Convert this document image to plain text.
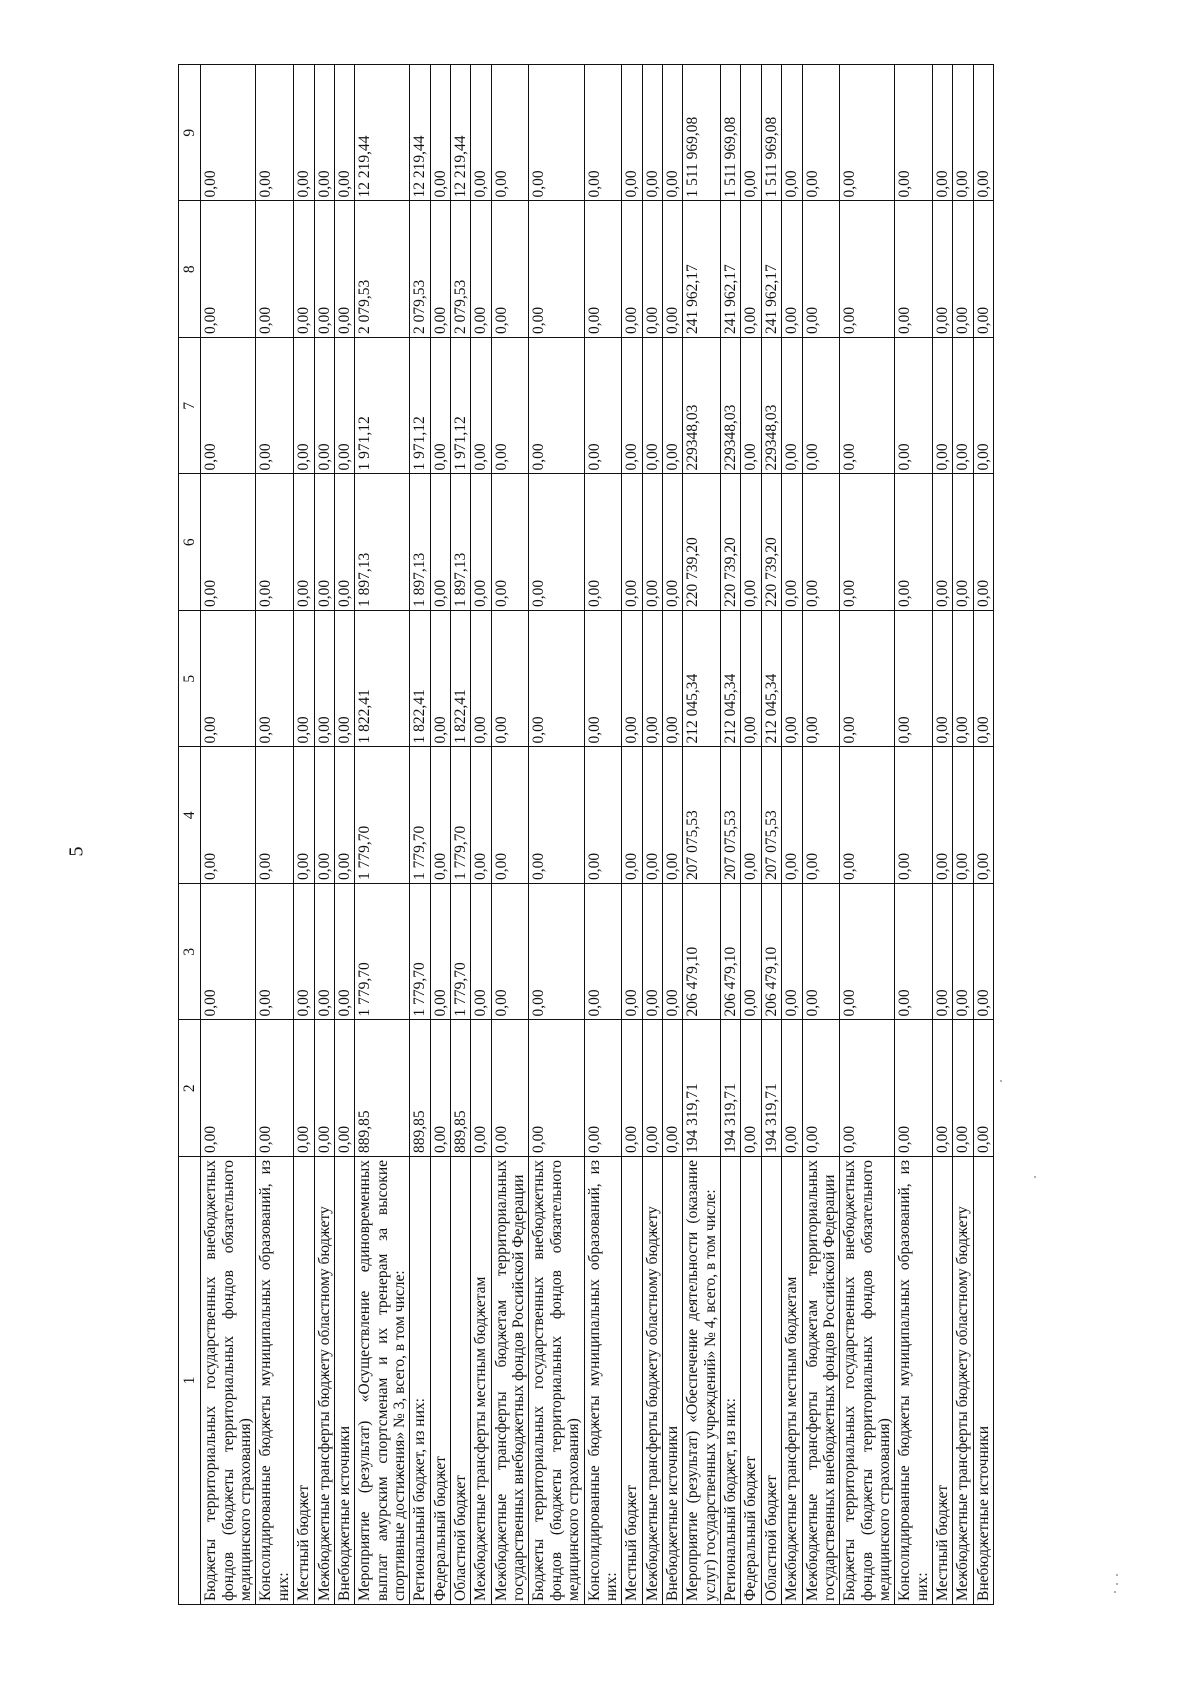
5
1	2	3	4	5	6	7	8	9
Бюджеты территориальных государственных внебюджетных фондов (бюджеты территориальных фондов обязательного медицинского страхования)	0,00	0,00	0,00	0,00	0,00	0,00	0,00	0,00
Консолидированные бюджеты муниципальных образований, из них:	0,00	0,00	0,00	0,00	0,00	0,00	0,00	0,00
Местный бюджет	0,00	0,00	0,00	0,00	0,00	0,00	0,00	0,00
Межбюджетные трансферты бюджету областному бюджету	0,00	0,00	0,00	0,00	0,00	0,00	0,00	0,00
Внебюджетные источники	0,00	0,00	0,00	0,00	0,00	0,00	0,00	0,00
Мероприятие (результат) «Осуществление единовременных выплат амурским спортсменам и их тренерам за высокие спортивные достижения» № 3, всего, в том числе:	889,85	1 779,70	1 779,70	1 822,41	1 897,13	1 971,12	2 079,53	12 219,44
Региональный бюджет, из них:	889,85	1 779,70	1 779,70	1 822,41	1 897,13	1 971,12	2 079,53	12 219,44
Федеральный бюджет	0,00	0,00	0,00	0,00	0,00	0,00	0,00	0,00
Областной бюджет	889,85	1 779,70	1 779,70	1 822,41	1 897,13	1 971,12	2 079,53	12 219,44
Межбюджетные трансферты местным бюджетам	0,00	0,00	0,00	0,00	0,00	0,00	0,00	0,00
Межбюджетные трансферты бюджетам территориальных государственных внебюджетных фондов Российской Федерации	0,00	0,00	0,00	0,00	0,00	0,00	0,00	0,00
Бюджеты территориальных государственных внебюджетных фондов (бюджеты территориальных фондов обязательного медицинского страхования)	0,00	0,00	0,00	0,00	0,00	0,00	0,00	0,00
Консолидированные бюджеты муниципальных образований, из них:	0,00	0,00	0,00	0,00	0,00	0,00	0,00	0,00
Местный бюджет	0,00	0,00	0,00	0,00	0,00	0,00	0,00	0,00
Межбюджетные трансферты бюджету областному бюджету	0,00	0,00	0,00	0,00	0,00	0,00	0,00	0,00
Внебюджетные источники	0,00	0,00	0,00	0,00	0,00	0,00	0,00	0,00
Мероприятие (результат) «Обеспечение деятельности (оказание услуг) государственных учреждений» № 4, всего, в том числе:	194 319,71	206 479,10	207 075,53	212 045,34	220 739,20	229348,03	241 962,17	1 511 969,08
Региональный бюджет, из них:	194 319,71	206 479,10	207 075,53	212 045,34	220 739,20	229348,03	241 962,17	1 511 969,08
Федеральный бюджет	0,00	0,00	0,00	0,00	0,00	0,00	0,00	0,00
Областной бюджет	194 319,71	206 479,10	207 075,53	212 045,34	220 739,20	229348,03	241 962,17	1 511 969,08
Межбюджетные трансферты местным бюджетам	0,00	0,00	0,00	0,00	0,00	0,00	0,00	0,00
Межбюджетные трансферты бюджетам территориальных государственных внебюджетных фондов Российской Федерации	0,00	0,00	0,00	0,00	0,00	0,00	0,00	0,00
Бюджеты территориальных государственных внебюджетных фондов (бюджеты территориальных фондов обязательного медицинского страхования)	0,00	0,00	0,00	0,00	0,00	0,00	0,00	0,00
Консолидированные бюджеты муниципальных образований, из них:	0,00	0,00	0,00	0,00	0,00	0,00	0,00	0,00
Местный бюджет	0,00	0,00	0,00	0,00	0,00	0,00	0,00	0,00
Межбюджетные трансферты бюджету областному бюджету	0,00	0,00	0,00	0,00	0,00	0,00	0,00	0,00
Внебюджетные источники	0,00	0,00	0,00	0,00	0,00	0,00	0,00	0,00
